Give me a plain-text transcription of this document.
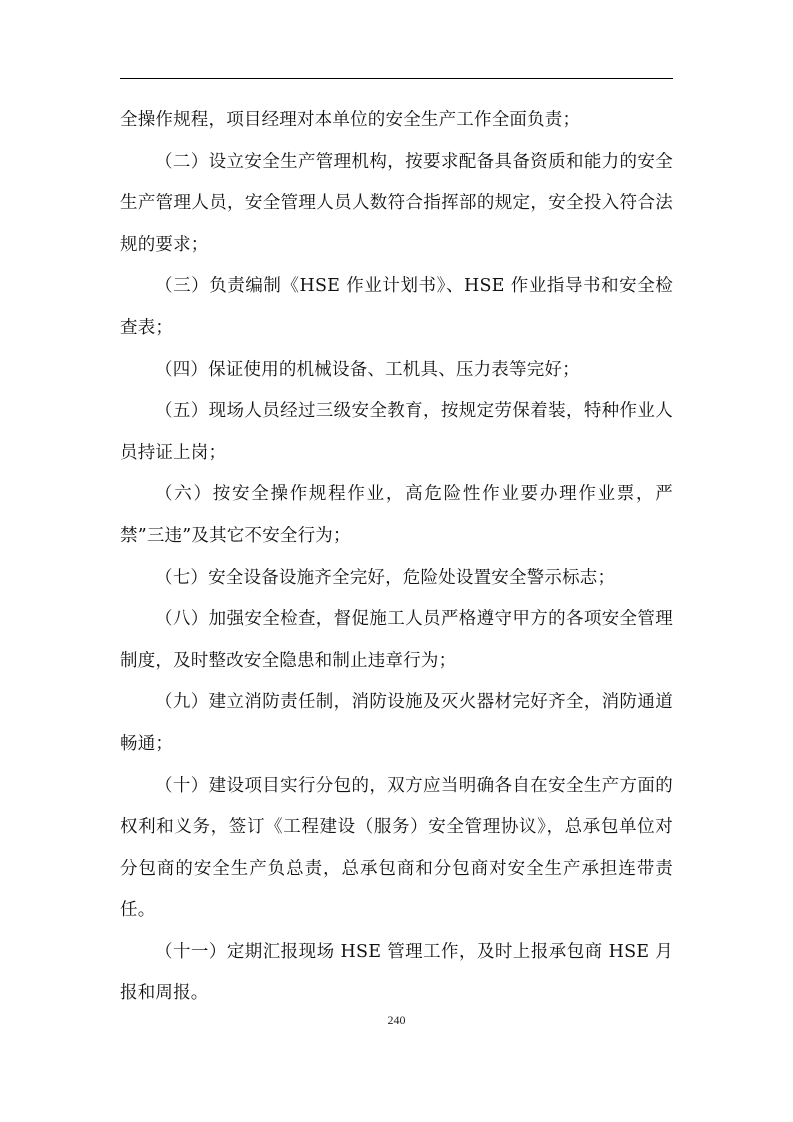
全操作规程，项目经理对本单位的安全生产工作全面负责；

（二）设立安全生产管理机构，按要求配备具备资质和能力的安全生产管理人员，安全管理人员人数符合指挥部的规定，安全投入符合法规的要求；

（三）负责编制《HSE 作业计划书》、HSE 作业指导书和安全检查表；

（四）保证使用的机械设备、工机具、压力表等完好；

（五）现场人员经过三级安全教育，按规定劳保着装，特种作业人员持证上岗；

（六）按安全操作规程作业，高危险性作业要办理作业票，严禁”三违”及其它不安全行为；

（七）安全设备设施齐全完好，危险处设置安全警示标志；

（八）加强安全检查，督促施工人员严格遵守甲方的各项安全管理制度，及时整改安全隐患和制止违章行为；

（九）建立消防责任制，消防设施及灭火器材完好齐全，消防通道畅通；

（十）建设项目实行分包的，双方应当明确各自在安全生产方面的权利和义务，签订《工程建设（服务）安全管理协议》，总承包单位对分包商的安全生产负总责，总承包商和分包商对安全生产承担连带责任。

（十一）定期汇报现场 HSE 管理工作，及时上报承包商 HSE 月报和周报。

240
